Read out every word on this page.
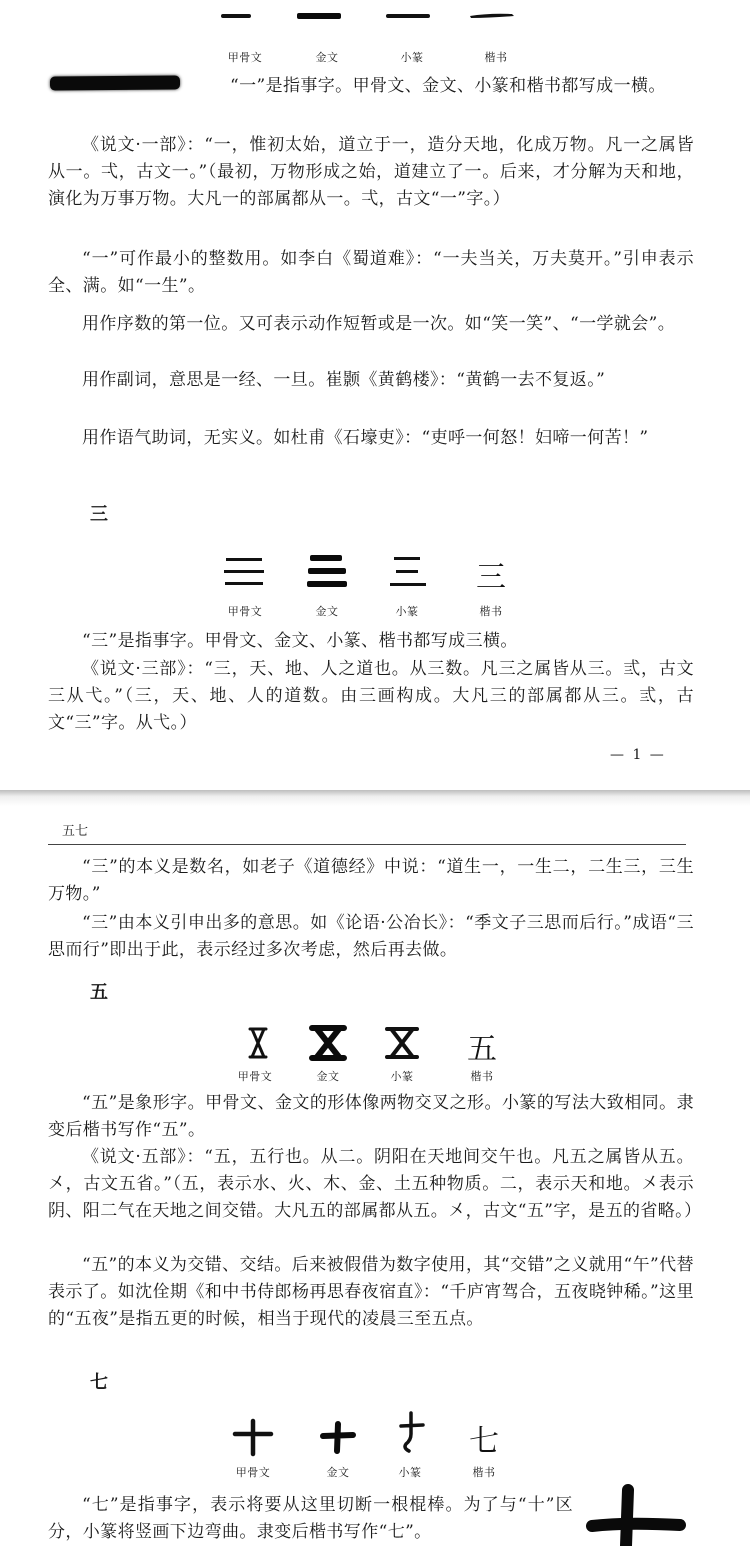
甲骨文	金文	小篆	楷书

“一”是指事字。甲骨文、金文、小篆和楷书都写成一横。

《说文·一部》：“一，惟初太始，道立于一，造分天地，化成万物。凡一之属皆从一。弌，古文一。”（最初，万物形成之始，道建立了一。后来，才分解为天和地，演化为万事万物。大凡一的部属都从一。弌，古文“一”字。）

“一”可作最小的整数用。如李白《蜀道难》：“一夫当关，万夫莫开。”引申表示全、满。如“一生”。

用作序数的第一位。又可表示动作短暂或是一次。如“笑一笑”、“一学就会”。

用作副词，意思是一经、一旦。崔颢《黄鹤楼》：“黄鹤一去不复返。”

用作语气助词，无实义。如杜甫《石壕吏》：“吏呼一何怒！妇啼一何苦！”

三

三
甲骨文	金文	小篆	楷书

“三”是指事字。甲骨文、金文、小篆、楷书都写成三横。

《说文·三部》：“三，天、地、人之道也。从三数。凡三之属皆从三。弎，古文三从弋。”（三，天、地、人的道数。由三画构成。大凡三的部属都从三。弎，古文“三”字。从弋。）

— 1 —
五七

“三”的本义是数名，如老子《道德经》中说：“道生一，一生二，二生三，三生万物。”

“三”由本义引申出多的意思。如《论语·公冶长》：“季文子三思而后行。”成语“三思而行”即出于此，表示经过多次考虑，然后再去做。

五

五
甲骨文	金文	小篆	楷书

“五”是象形字。甲骨文、金文的形体像两物交叉之形。小篆的写法大致相同。隶变后楷书写作“五”。

《说文·五部》：“五，五行也。从二。阴阳在天地间交午也。凡五之属皆从五。㐅，古文五省。”（五，表示水、火、木、金、土五种物质。二，表示天和地。㐅表示阴、阳二气在天地之间交错。大凡五的部属都从五。㐅，古文“五”字，是五的省略。）

“五”的本义为交错、交结。后来被假借为数字使用，其“交错”之义就用“午”代替表示了。如沈佺期《和中书侍郎杨再思春夜宿直》：“千庐宵驾合，五夜晓钟稀。”这里的“五夜”是指五更的时候，相当于现代的凌晨三至五点。

七

七
甲骨文	金文	小篆	楷书

“七”是指事字，表示将要从这里切断一根棍棒。为了与“十”区分，小篆将竖画下边弯曲。隶变后楷书写作“七”。
